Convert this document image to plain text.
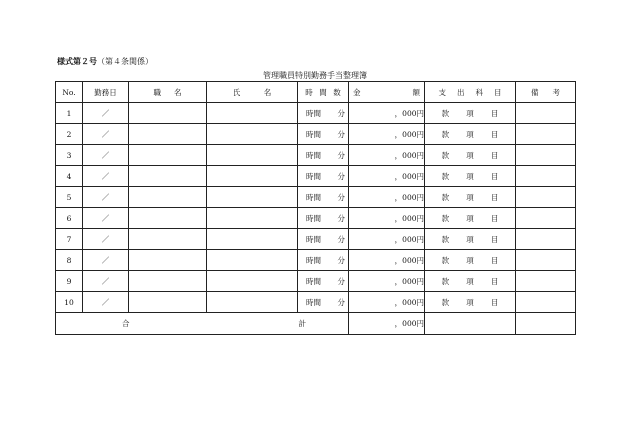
様式第２号（第４条関係）
管理職員特別勤務手当整理簿
No.	勤務日	職 名	氏 名	時 間 数	金 額	支 出 科 目	備 考

1	／			時間 分	，000円	款 項 目	

2	／			時間 分	，000円	款 項 目	

3	／			時間 分	，000円	款 項 目	

4	／			時間 分	，000円	款 項 目	

5	／			時間 分	，000円	款 項 目	

6	／			時間 分	，000円	款 項 目	

7	／			時間 分	，000円	款 項 目	

8	／			時間 分	，000円	款 項 目	

9	／			時間 分	，000円	款 項 目	

10	／			時間 分	，000円	款 項 目	

合 計					，000円		
